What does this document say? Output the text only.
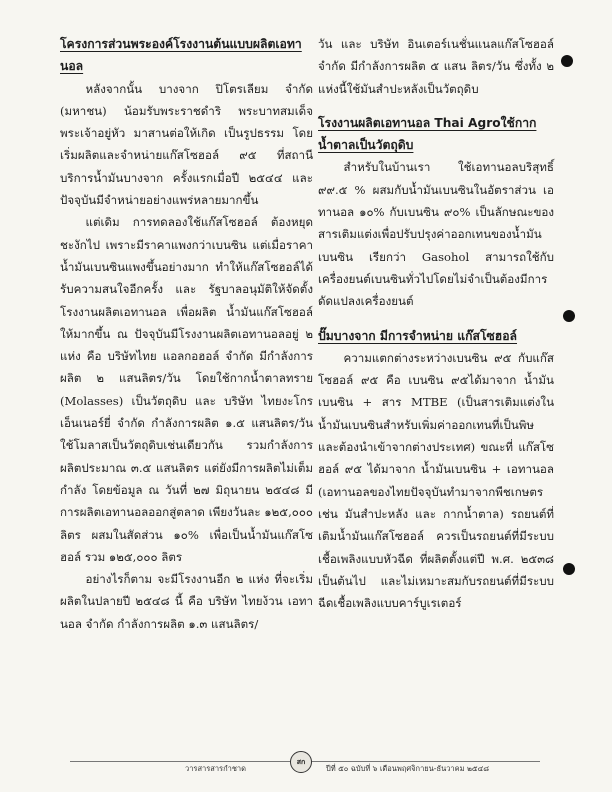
โครงการส่วนพระองค์โรงงานต้นแบบผลิตเอทานอล

หลังจากนั้น บางจาก ปิโตรเลียม จำกัด (มหาชน) น้อมรับพระราชดำริ พระบาทสมเด็จพระเจ้าอยู่หัว มาสานต่อให้เกิด เป็นรูปธรรม โดยเริ่มผลิตและจำหน่ายแก๊สโซฮอล์ ๙๕ ที่สถานีบริการน้ำมันบางจาก ครั้งแรกเมื่อปี ๒๕๔๔ และปัจจุบันมีจำหน่ายอย่างแพร่หลายมากขึ้น

แต่เดิม การทดลองใช้แก๊สโซฮอล์ ต้องหยุดชะงักไป เพราะมีราคาแพงกว่าเบนซิน แต่เมื่อราคาน้ำมันเบนซินแพงขึ้นอย่างมาก ทำให้แก๊สโซฮอล์ได้รับความสนใจอีกครั้ง และ รัฐบาลอนุมัติให้จัดตั้งโรงงานผลิตเอทานอล เพื่อผลิต น้ำมันแก๊สโซฮอล์ให้มากขึ้น ณ ปัจจุบันมีโรงงานผลิตเอทานอลอยู่ ๒ แห่ง คือ บริษัทไทย แอลกอฮอล์ จำกัด มีกำลังการผลิต ๒ แสนลิตร/วัน โดยใช้กากน้ำตาลทราย (Molasses) เป็นวัตถุดิบ และ บริษัท ไทยงะโกร เอ็นเนอร์ยี่ จำกัด กำลังการผลิต ๑.๕ แสนลิตร/วัน ใช้โมลาสเป็นวัตถุดิบเช่นเดียวกัน รวมกำลังการผลิตประมาณ ๓.๕ แสนลิตร แต่ยังมีการผลิตไม่เต็มกำลัง โดยข้อมูล ณ วันที่ ๒๗ มิถุนายน ๒๕๔๘ มีการผลิตเอทานอลออกสู่ตลาด เพียงวันละ ๑๒๕,๐๐๐ ลิตร ผสมในสัดส่วน ๑๐% เพื่อเป็นน้ำมันแก๊สโซฮอล์ รวม ๑๒๕,๐๐๐ ลิตร

อย่างไรก็ตาม จะมีโรงงานอีก ๒ แห่ง ที่จะเริ่มผลิตในปลายปี ๒๕๔๘ นี้ คือ บริษัท ไทยง้วน เอทานอล จำกัด กำลังการผลิต ๑.๓ แสนลิตร/

วัน และ บริษัท อินเตอร์เนชั่นแนลแก๊สโซฮอล์ จำกัด มีกำลังการผลิต ๕ แสน ลิตร/วัน ซึ่งทั้ง ๒ แห่งนี้ใช้มันสำปะหลังเป็นวัตถุดิบ

โรงงานผลิตเอทานอล Thai Agroใช้กากน้ำตาลเป็นวัตถุดิบ

สำหรับในบ้านเรา ใช้เอทานอลบริสุทธิ์ ๙๙.๕ % ผสมกับน้ำมันเบนซินในอัตราส่วน เอทานอล ๑๐% กับเบนซิน ๙๐% เป็นลักษณะของสารเติมแต่งเพื่อปรับปรุงค่าออกเทนของน้ำมันเบนซิน เรียกว่า Gasohol สามารถใช้กับเครื่องยนต์เบนซินทั่วไปโดยไม่จำเป็นต้องมีการดัดแปลงเครื่องยนต์

ปั๊มบางจาก มีการจำหน่าย แก๊สโซฮอล์

ความแตกต่างระหว่างเบนซิน ๙๕ กับแก๊สโซฮอล์ ๙๕ คือ เบนซิน ๙๕ได้มาจาก น้ำมันเบนซิน + สาร MTBE (เป็นสารเติมแต่งในน้ำมันเบนซินสำหรับเพิ่มค่าออกเทนที่เป็นพิษ และต้องนำเข้าจากต่างประเทศ) ขณะที่ แก๊สโซฮอล์ ๙๕ ได้มาจาก น้ำมันเบนซิน + เอทานอล (เอทานอลของไทยปัจจุบันทำมาจากพืชเกษตร เช่น มันสำปะหลัง และ กากน้ำตาล) รถยนต์ที่เติมน้ำมันแก๊สโซฮอล์ ควรเป็นรถยนต์ที่มีระบบเชื้อเพลิงแบบหัวฉีด ที่ผลิตตั้งแต่ปี พ.ศ. ๒๕๓๘ เป็นต้นไป และไม่เหมาะสมกับรถยนต์ที่มีระบบฉีดเชื้อเพลิงแบบคาร์บูเรเตอร์

วารสารสารกำชาด
สก
ปีที่ ๕๐ ฉบับที่ ๖ เดือนพฤศจิกายน-ธันวาคม ๒๕๔๘
